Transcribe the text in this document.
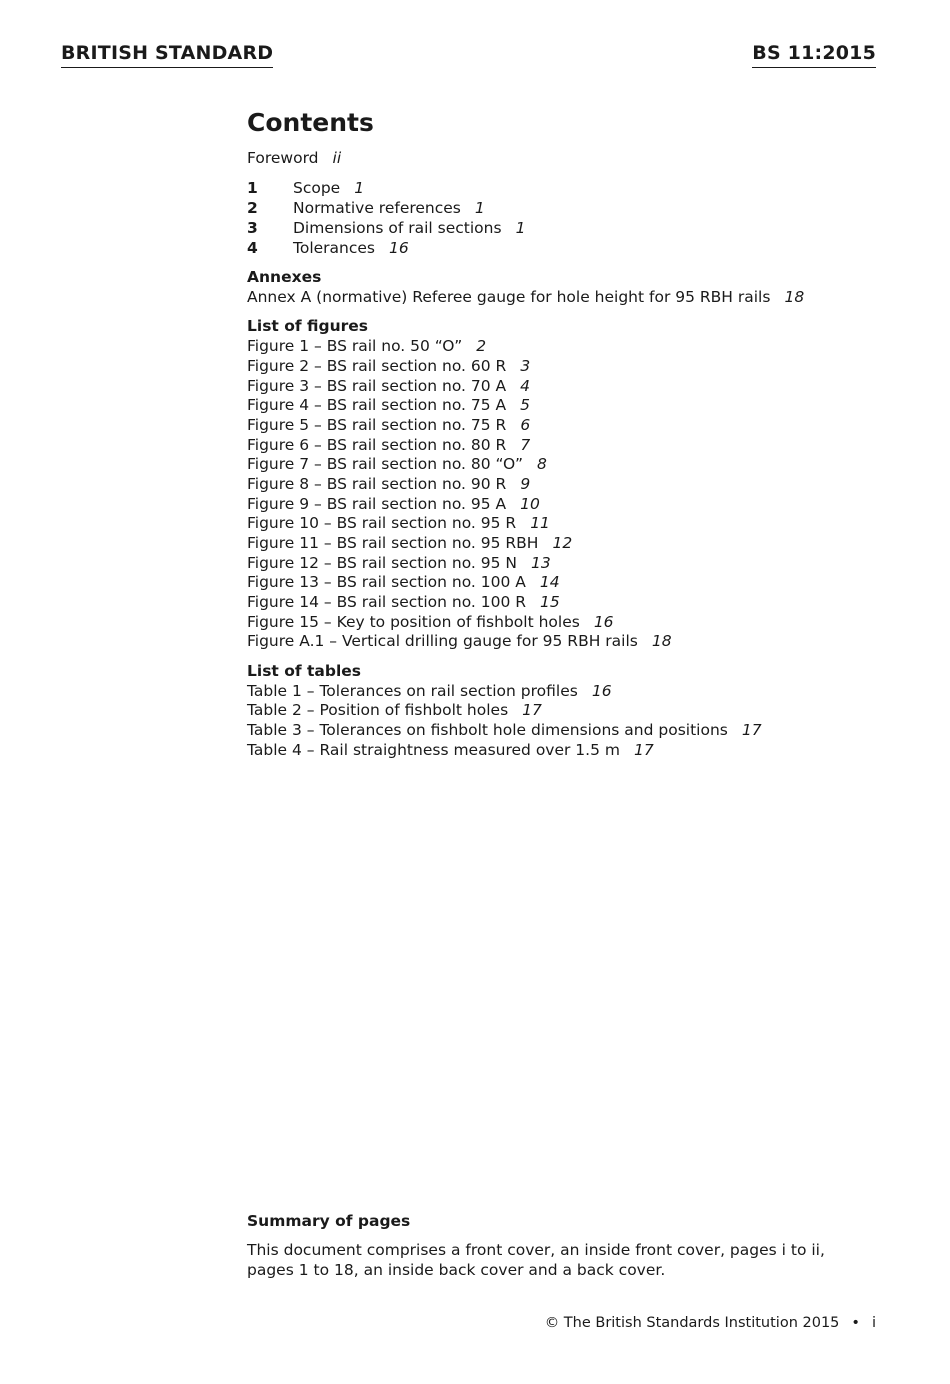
BRITISH STANDARD	BS 11:2015
Contents
Foreword ii
1 Scope 1
2 Normative references 1
3 Dimensions of rail sections 1
4 Tolerances 16
Annexes
Annex A (normative) Referee gauge for hole height for 95 RBH rails 18
List of figures
Figure 1 – BS rail no. 50 “O” 2
Figure 2 – BS rail section no. 60 R 3
Figure 3 – BS rail section no. 70 A 4
Figure 4 – BS rail section no. 75 A 5
Figure 5 – BS rail section no. 75 R 6
Figure 6 – BS rail section no. 80 R 7
Figure 7 – BS rail section no. 80 “O” 8
Figure 8 – BS rail section no. 90 R 9
Figure 9 – BS rail section no. 95 A 10
Figure 10 – BS rail section no. 95 R 11
Figure 11 – BS rail section no. 95 RBH 12
Figure 12 – BS rail section no. 95 N 13
Figure 13 – BS rail section no. 100 A 14
Figure 14 – BS rail section no. 100 R 15
Figure 15 – Key to position of fishbolt holes 16
Figure A.1 – Vertical drilling gauge for 95 RBH rails 18
List of tables
Table 1 – Tolerances on rail section profiles 16
Table 2 – Position of fishbolt holes 17
Table 3 – Tolerances on fishbolt hole dimensions and positions 17
Table 4 – Rail straightness measured over 1.5 m 17
Summary of pages
This document comprises a front cover, an inside front cover, pages i to ii, pages 1 to 18, an inside back cover and a back cover.
© The British Standards Institution 2015 • i
